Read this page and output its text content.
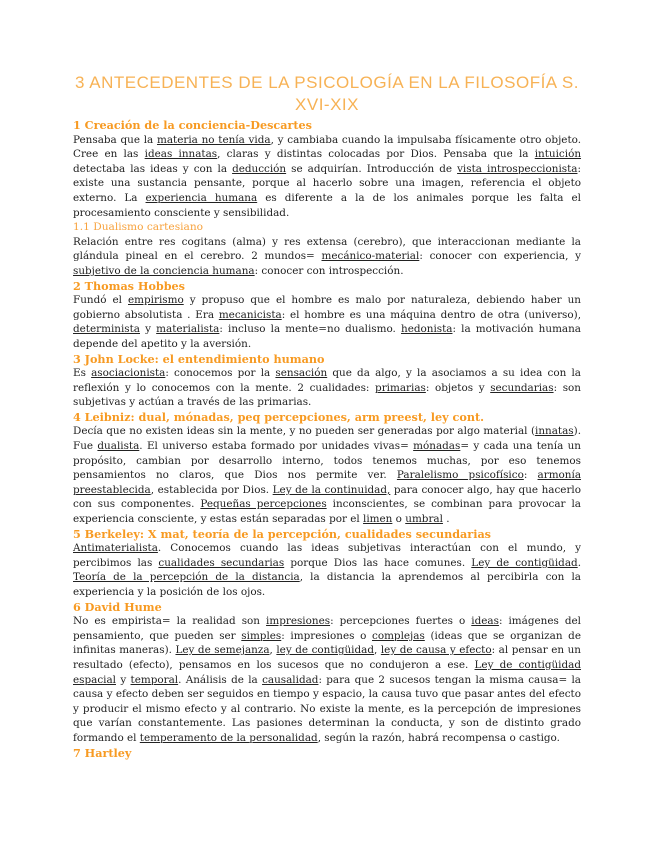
3 ANTECEDENTES DE LA PSICOLOGÍA EN LA FILOSOFÍA S. XVI-XIX
1 Creación de la conciencia-Descartes

Pensaba que la materia no tenía vida, y cambiaba cuando la impulsaba físicamente otro objeto. Cree en las ideas innatas, claras y distintas colocadas por Dios. Pensaba que la intuición detectaba las ideas y con la deducción se adquirían. Introducción de vista introspeccionista: existe una sustancia pensante, porque al hacerlo sobre una imagen, referencia el objeto externo. La experiencia humana es diferente a la de los animales porque les falta el procesamiento consciente y sensibilidad.

1.1 Dualismo cartesiano

Relación entre res cogitans (alma) y res extensa (cerebro), que interaccionan mediante la glándula pineal en el cerebro. 2 mundos= mecánico-material: conocer con experiencia, y subjetivo de la conciencia humana: conocer con introspección.

2 Thomas Hobbes

Fundó el empirismo y propuso que el hombre es malo por naturaleza, debiendo haber un gobierno absolutista . Era mecanicista: el hombre es una máquina dentro de otra (universo), determinista y materialista: incluso la mente=no dualismo. hedonista: la motivación humana depende del apetito y la aversión.

3 John Locke: el entendimiento humano

Es asociacionista: conocemos por la sensación que da algo, y la asociamos a su idea con la reflexión y lo conocemos con la mente. 2 cualidades: primarias: objetos y secundarias: son subjetivas y actúan a través de las primarias.

4 Leibniz: dual, mónadas, peq percepciones, arm preest, ley cont.

Decía que no existen ideas sin la mente, y no pueden ser generadas por algo material (innatas). Fue dualista. El universo estaba formado por unidades vivas= mónadas= y cada una tenía un propósito, cambian por desarrollo interno, todos tenemos muchas, por eso tenemos pensamientos no claros, que Dios nos permite ver. Paralelismo psicofísico: armonía preestablecida, establecida por Dios. Ley de la continuidad, para conocer algo, hay que hacerlo con sus componentes. Pequeñas percepciones inconscientes, se combinan para provocar la experiencia consciente, y estas están separadas por el limen o umbral .

5 Berkeley: X mat, teoría de la percepción, cualidades secundarias

Antimaterialista. Conocemos cuando las ideas subjetivas interactúan con el mundo, y percibimos las cualidades secundarias porque Dios las hace comunes. Ley de contigüidad. Teoría de la percepción de la distancia, la distancia la aprendemos al percibirla con la experiencia y la posición de los ojos.

6 David Hume

No es empirista= la realidad son impresiones: percepciones fuertes o ideas: imágenes del pensamiento, que pueden ser simples: impresiones o complejas (ideas que se organizan de infinitas maneras). Ley de semejanza, ley de contigüidad, ley de causa y efecto: al pensar en un resultado (efecto), pensamos en los sucesos que no condujeron a ese. Ley de contigüidad espacial y temporal. Análisis de la causalidad: para que 2 sucesos tengan la misma causa= la causa y efecto deben ser seguidos en tiempo y espacio, la causa tuvo que pasar antes del efecto y producir el mismo efecto y al contrario. No existe la mente, es la percepción de impresiones que varían constantemente. Las pasiones determinan la conducta, y son de distinto grado formando el temperamento de la personalidad, según la razón, habrá recompensa o castigo.

7 Hartley
